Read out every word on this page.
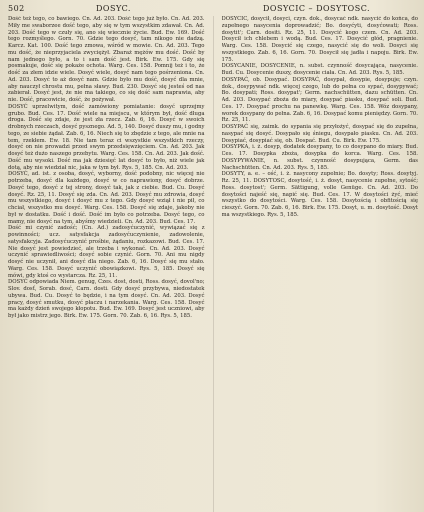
502	DOSYC.	DOSYCIC – DOSYTOSC.

Dość też tego, co bawiego. Cn. Ad. 203. Dość tego już było. Cn. Ad. 203. Miły me swaborzee dość tego, aby się w tym wszystkim zdawał. Cn. Ad. 203. Dość tego w czuły się, ano się wiecznie życie. Bud. Ew. 169. Dość tego rozmyślego. Gorn. 70. Gdzie tego dosyć, tam nikogo nie dadzą. Karcz. Kat. 100. Dość tego zmowa, wśród w mowie. Cn. Ad. 203. Tego mu dość, że nieprzyjaciela zwyciężył. Zbaraż mężów mu dość. Dość by nam jednego było, a to i sam dość jest. Birk. Ew. 175. Gdy się posmakuje, dość się pokaże ochota. Warg. Ces. 158. Pomnij też i to, że dość za złem idzie wiele. Dosyć wiele, dosyć nam tego pośrzeniona. Cn. Ad. 203. Dosyć to aż dosyć nam. Gdzie było mu dość, dosyć dla mnie, aby nauczył chrostu mu, pełna sławy. Bud. 230. Dosyć się jesteś od nas zabierał. Dosyć jest, że nie ma takiego, co się dość sam naprawia, aby nie. Dość, pracowicie, dość, że pożywał.

DOSYĆ uprzelwitym, dość zamówiony pomiatanie: dosyć uprzejmy grubo. Bud. Ces. 17. Dość wiele na miejscu, w którym był, dość długa droga. Dość się zdaje, że jest zła rzecz. Zab. 6, 16. Dosyć w swoich drobnych rzeczach, dosyć pysznego. Ad. 5, 140. Dosyć duszy mu, i godny tego, ze siebie żądał. Zab. 6, 16. Niech się to zbędzie z tego, ale mnie na tem, rzekłem. Ew. 18. Nie tam teraz ci wszystkie wszystkich rzeczy, dosyć on nie prowadzi przed swym przedsięwzięciem. Cn. Ad. 203. Jak dosyć też dużo naszego przebytu. Warg. Ces. 158. Cn. Ad. 203. Jak dość. Dość mu wysoki. Dość ma jak dziesięć lat dosyć to było, niż wiele jak dotą, aby nie wiedział nic, jaka w tym był. Rys. 5, 185. Cn. Ad. 203.

DOSYĆ, ad. ist. z osoba, dosyć, wyborny, dość podobny, nic więcej nie potrzeba, dosyć dla każdego, dosyć w co naprawiony, dosyć dobrze. Dosyć tego, dosyć z tej strony, dosyć tak, jak z ciebie. Bud. Cu. Dosyć dosyć. Rz. 25, 11. Dosyć się zda. Cn. Ad. 203. Dosyć mu zdrowia, dosyć mu wszystkiego, dosyć i dosyć mu z tego. Gdy dosyć wziął i nie pił, co chciał, wszystko mu dosyć. Warg. Ces. 158. Dosyć się zdaje, jakoby nie był w dostatku. Dość i dość. Dość im było co potrzeba. Dosyć tego, co mamy, nie dosyć na tym, abyśmy wiedzieli. Cn. Ad. 203. Bud. Ces. 17.

Dość mi czynić zadość; (Cn. Ad.) zadosyćuczynić, wywiązać się z powinności; ucz. satysfakcja zadosyćuczynienie, zadowolenie, satysfakcyja. Zadosyćuczynić prośbie, żądaniu, rozkazowi. Bud. Ces. 17. Nie dosyć jest powiedzieć, ale trzeba i wykonać. Cn. Ad. 203. Dosyć uczynić sprawiedliwości; dosyć sobie czynić. Gorn. 70. Ani mu nigdy dosyć nie uczynił, ani dosyć dla niego. Zab. 6, 16. Dosyć się mu stało. Warg. Ces. 158. Dosyć uczynić obowiązkowi. Rys. 5, 185. Dosyć się mówi, gdy ktoś co wystarcza. Rz. 25, 11.

DOSYĆ odpowiada Niem. genug, Czes. dost, dosti, Ross. dosyć, dovol'no; Slov. dosť, Sorab. dosć, Carn. dosti. Gdy dosyć przybywa, niedostatek ubywa. Bud. Cu. Dosyć to będzie, i na tym dosyć. Cn. Ad. 203. Dosyć pracy, dosyć smutku, dosyć płaczu i narzekania. Warg. Ces. 158. Dosyć ma każdy dzień swojego kłopotu. Bud. Ew. 169. Dosyć jest uczniowi, aby był jako mistrz jego. Birk. Ew. 175. Gorn. 70. Zab. 6, 16. Rys. 5, 185.

DOSYCIC, dosycił, dosyci, czyn. dok., dosycać ndk. nasycić do końca, do zupełnego nasycenia doprowadzić; Bo. dosyćyti, dosyćowati; Ross. dosytit'; Carn. dositi. Rz. 25, 11. Dosycić kogo czem. Cn. Ad. 203. Dosycił ich chlebem i wodą. Bud. Ces. 17. Dosycić głód, pragnienie. Warg. Ces. 158. Dosycić się czego, nasycić się do woli. Dosyci się wszystkiego. Zab. 6, 16. Gorn. 70. Dosycił się jadła i napoju. Birk. Ew. 175.

DOSYCANIE, DOSYCENIE, n. subst. czynność dosycająca, nasycenie. Bud. Cu. Dosycenie duszy, dosycenie ciała. Cn. Ad. 203. Rys. 5, 185.

DOSYPAĆ, ob. Dosypać. DOSYPAĆ, dosypał, dosypie, dosypuje; czyn. dok., dosypywać ndk. więcej czego, lub do pełna co sypać, dosypywać; Bo. dosypati; Ross. dosypat'; Germ. nachschütten, dazu schütten. Cn. Ad. 203. Dosypać zboża do miary, dosypać piasku, dosypać soli. Bud. Ces. 17. Dosypać prochu na panewkę. Warg. Ces. 158. Wóz dosypany, worek dosypany do pełna. Zab. 6, 16. Dosypać komu pieniędzy. Gorn. 70. Rz. 25, 11.

DOSYPAĆ się, zaimk. do sypania się przyłożyć, dosypać się do zupełna, nasypać się dosyć. Dosypało się śniegu, dosypało piasku. Cn. Ad. 203. Dosypiać, dosypiać się, ob. Dospać. Bud. Cu. Birk. Ew. 175.

DOSYPKA, i. ż. dosyp, dodatek dosypany, to co dosypano do miary. Bud. Ces. 17. Dosypka zboża, dosypka do korca. Warg. Ces. 158. DOSYPYWANIE, n. subst. czynność dosypująca, Germ. das Nachschütten. Cn. Ad. 203. Rys. 5, 185.

DOSYTY, a. e. – ość, i. ż. nasycony zupełnie; Bo. dosyty; Ross. dosytyj. Rz. 25, 11. DOSYTOSC, dosytość, i. ż. dosyt, nasycenie zupełne, sytość; Ross. dosytost'; Germ. Sättigung, volle Genüge. Cn. Ad. 203. Do dosytości najeść się, napić się. Bud. Ces. 17. W dosytości żyć, mieć wszystko do dosytości. Warg. Ces. 158. Dosytością i obfitością się cieszyć. Gorn. 70. Zab. 6, 16. Birk. Ew. 175. Dosyt, u. m. dosytość. Dosyt ma wszystkiego. Rys. 5, 185.
